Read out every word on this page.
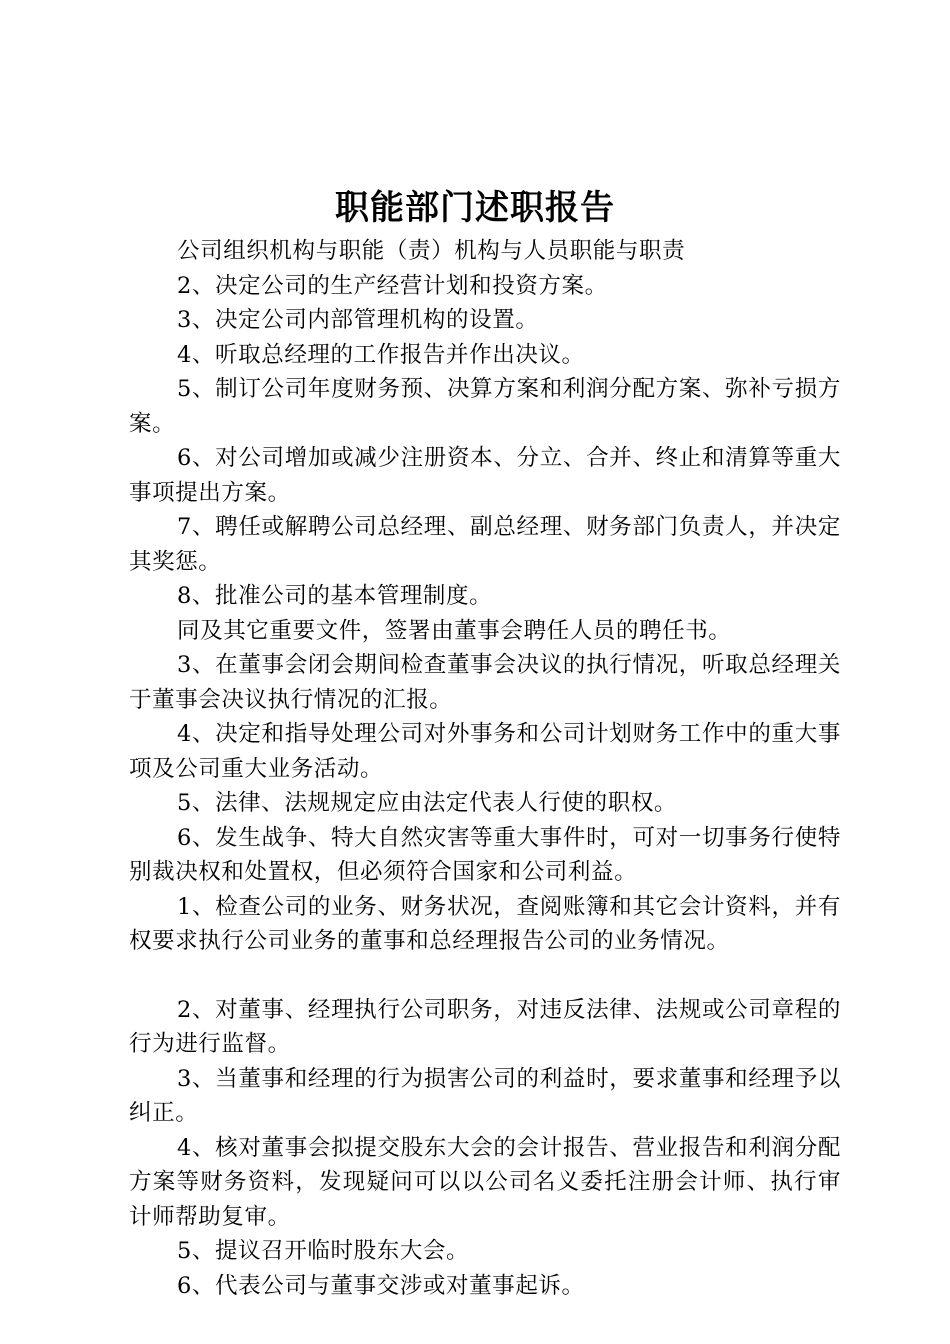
职能部门述职报告

公司组织机构与职能（责）机构与人员职能与职责

2、决定公司的生产经营计划和投资方案。

3、决定公司内部管理机构的设置。

4、听取总经理的工作报告并作出决议。

5、制订公司年度财务预、决算方案和利润分配方案、弥补亏损方案。

6、对公司增加或减少注册资本、分立、合并、终止和清算等重大事项提出方案。

7、聘任或解聘公司总经理、副总经理、财务部门负责人，并决定其奖惩。

8、批准公司的基本管理制度。

同及其它重要文件，签署由董事会聘任人员的聘任书。

3、在董事会闭会期间检查董事会决议的执行情况，听取总经理关于董事会决议执行情况的汇报。

4、决定和指导处理公司对外事务和公司计划财务工作中的重大事项及公司重大业务活动。

5、法律、法规规定应由法定代表人行使的职权。

6、发生战争、特大自然灾害等重大事件时，可对一切事务行使特别裁决权和处置权，但必须符合国家和公司利益。

1、检查公司的业务、财务状况，查阅账簿和其它会计资料，并有权要求执行公司业务的董事和总经理报告公司的业务情况。

2、对董事、经理执行公司职务，对违反法律、法规或公司章程的行为进行监督。

3、当董事和经理的行为损害公司的利益时，要求董事和经理予以纠正。

4、核对董事会拟提交股东大会的会计报告、营业报告和利润分配方案等财务资料，发现疑问可以以公司名义委托注册会计师、执行审计师帮助复审。

5、提议召开临时股东大会。

6、代表公司与董事交涉或对董事起诉。
